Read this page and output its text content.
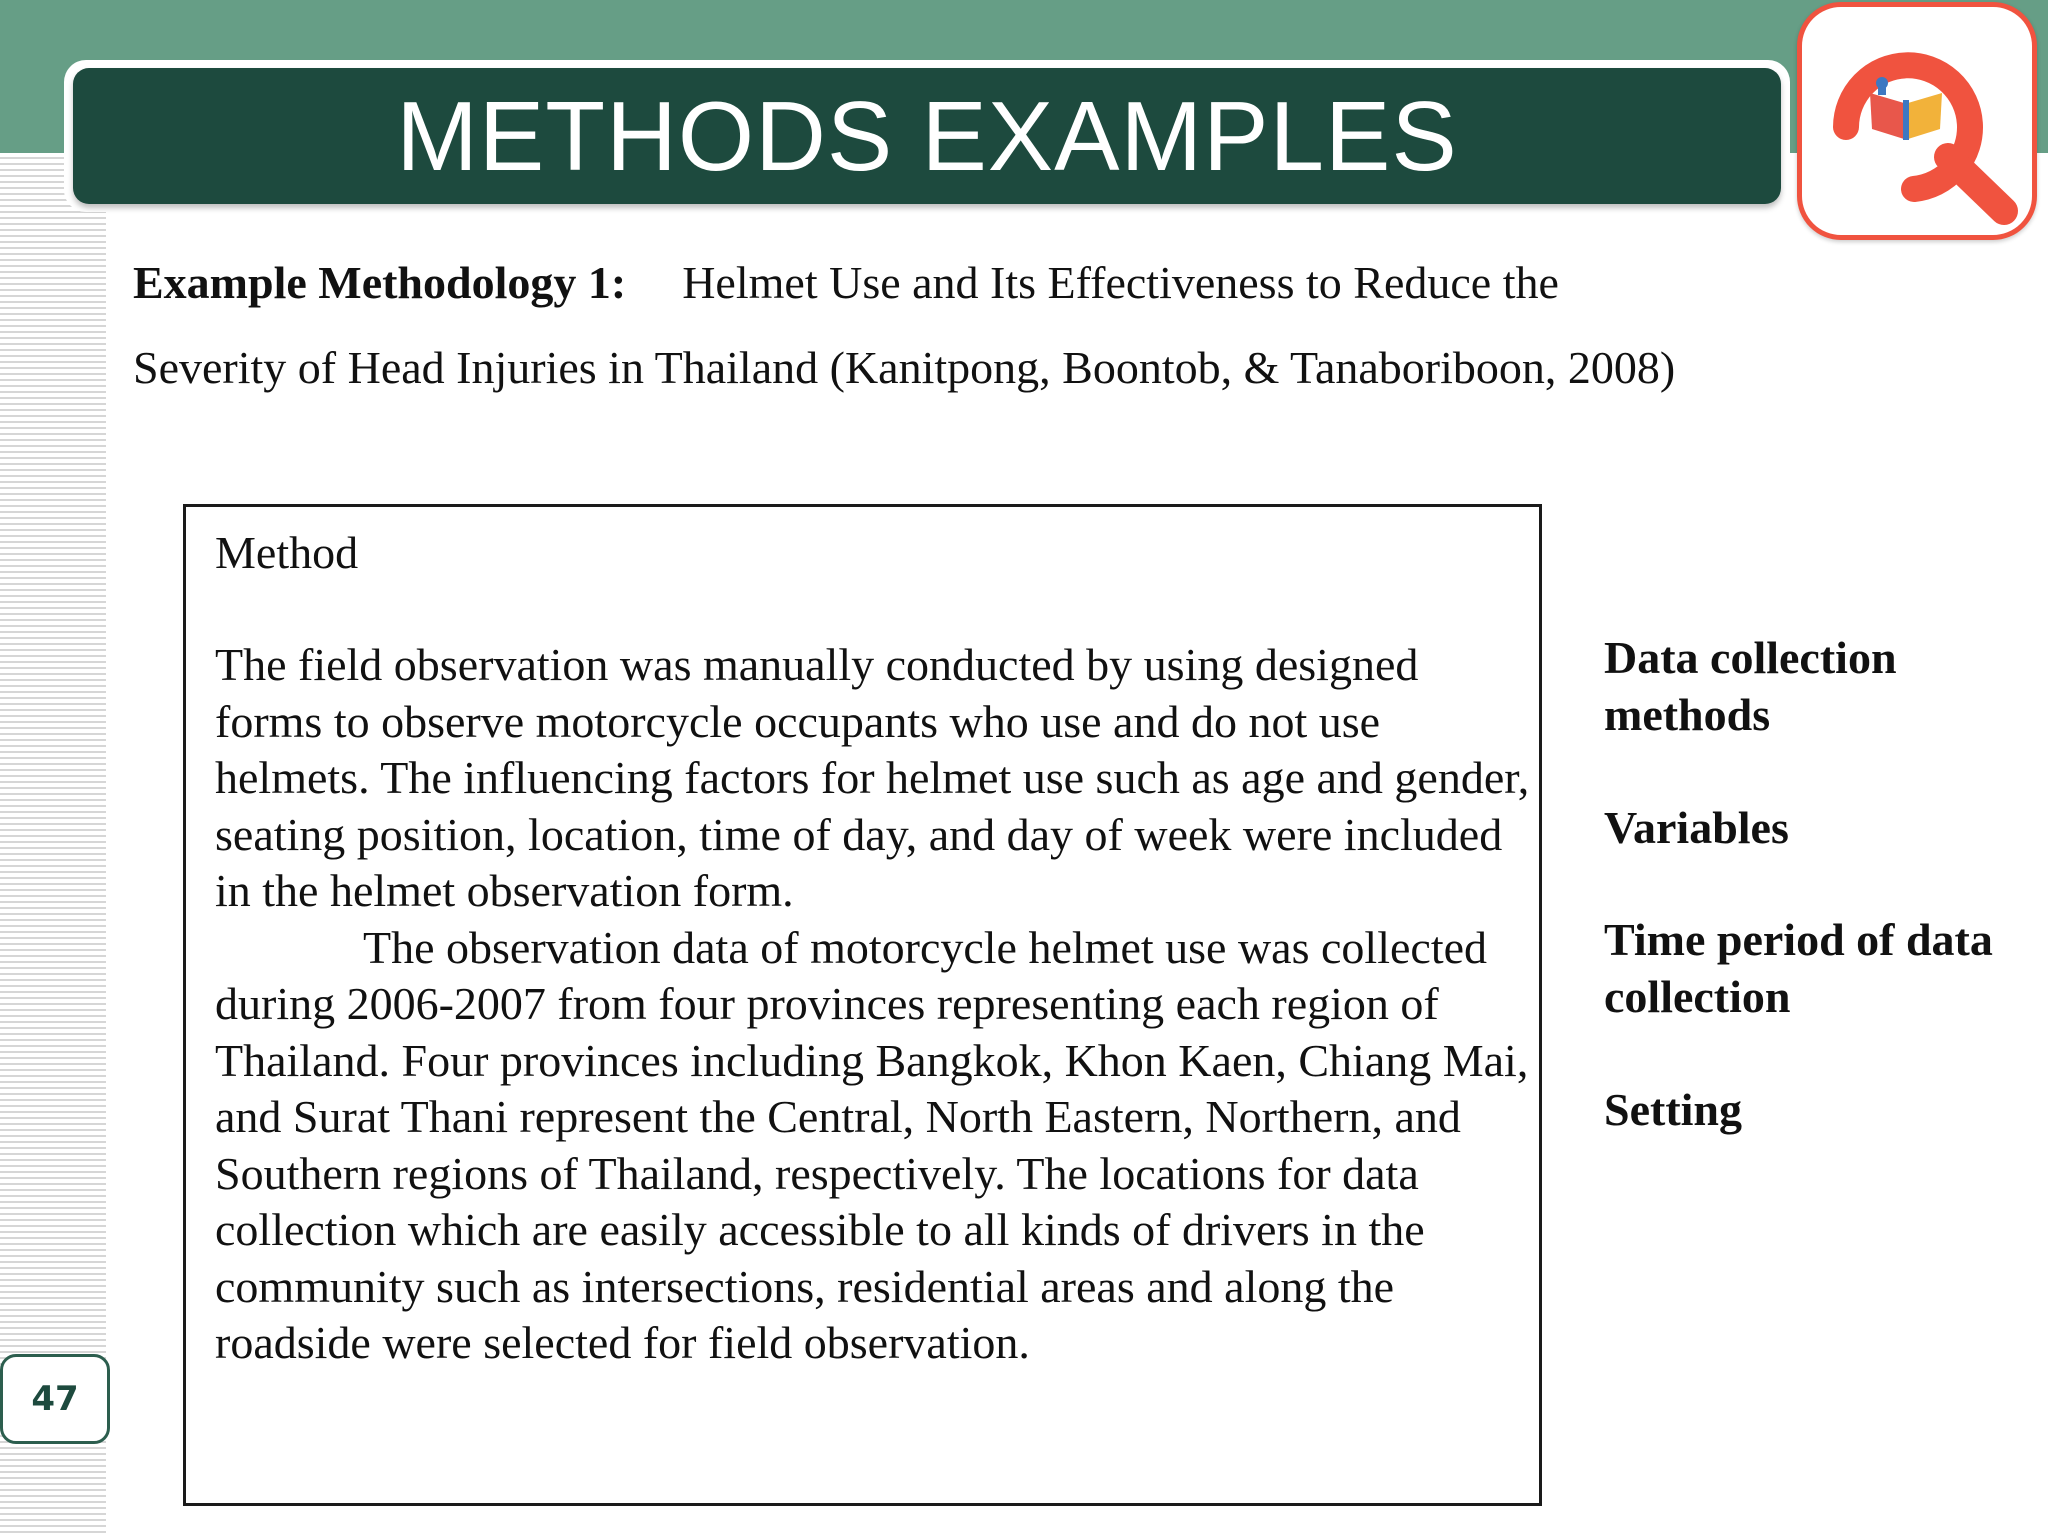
METHODS EXAMPLES
Example Methodology 1: Helmet Use and Its Effectiveness to Reduce the
Severity of Head Injuries in Thailand (Kanitpong, Boontob, & Tanaboriboon, 2008)
Method

The field observation was manually conducted by using designed forms to observe motorcycle occupants who use and do not use helmets. The influencing factors for helmet use such as age and gender, seating position, location, time of day, and day of week were included in the helmet observation form.

The observation data of motorcycle helmet use was collected during 2006-2007 from four provinces representing each region of Thailand. Four provinces including Bangkok, Khon Kaen, Chiang Mai, and Surat Thani represent the Central, North Eastern, Northern, and Southern regions of Thailand, respectively. The locations for data collection which are easily accessible to all kinds of drivers in the community such as intersections, residential areas and along the roadside were selected for field observation.

Data collection methods
Variables
Time period of data collection
Setting
47
